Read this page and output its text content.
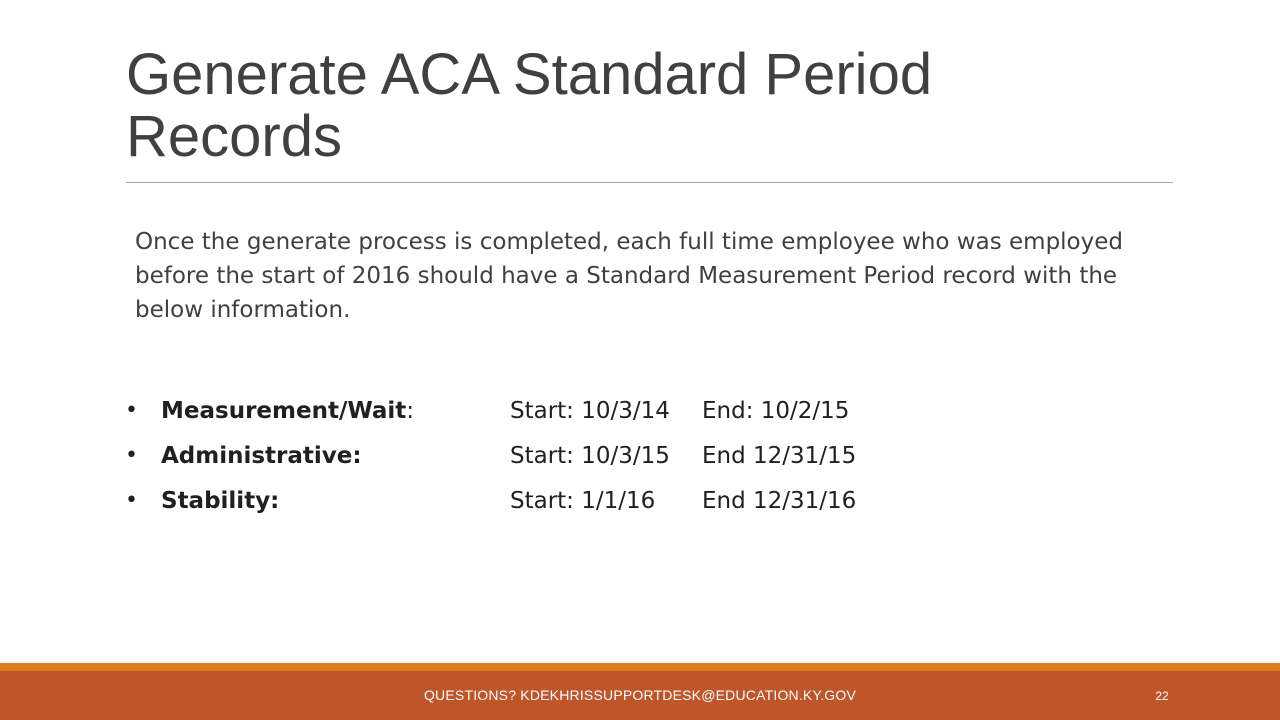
Generate ACA Standard Period Records

Once the generate process is completed, each full time employee who was employed before the start of 2016 should have a Standard Measurement Period record with the below information.

• Measurement/Wait:	Start: 10/3/14 End: 10/2/15
• Administrative:	Start: 10/3/15 End 12/31/15
• Stability:	Start: 1/1/16 End 12/31/16

QUESTIONS? KDEKHRISSUPPORTDESK@EDUCATION.KY.GOV	22
